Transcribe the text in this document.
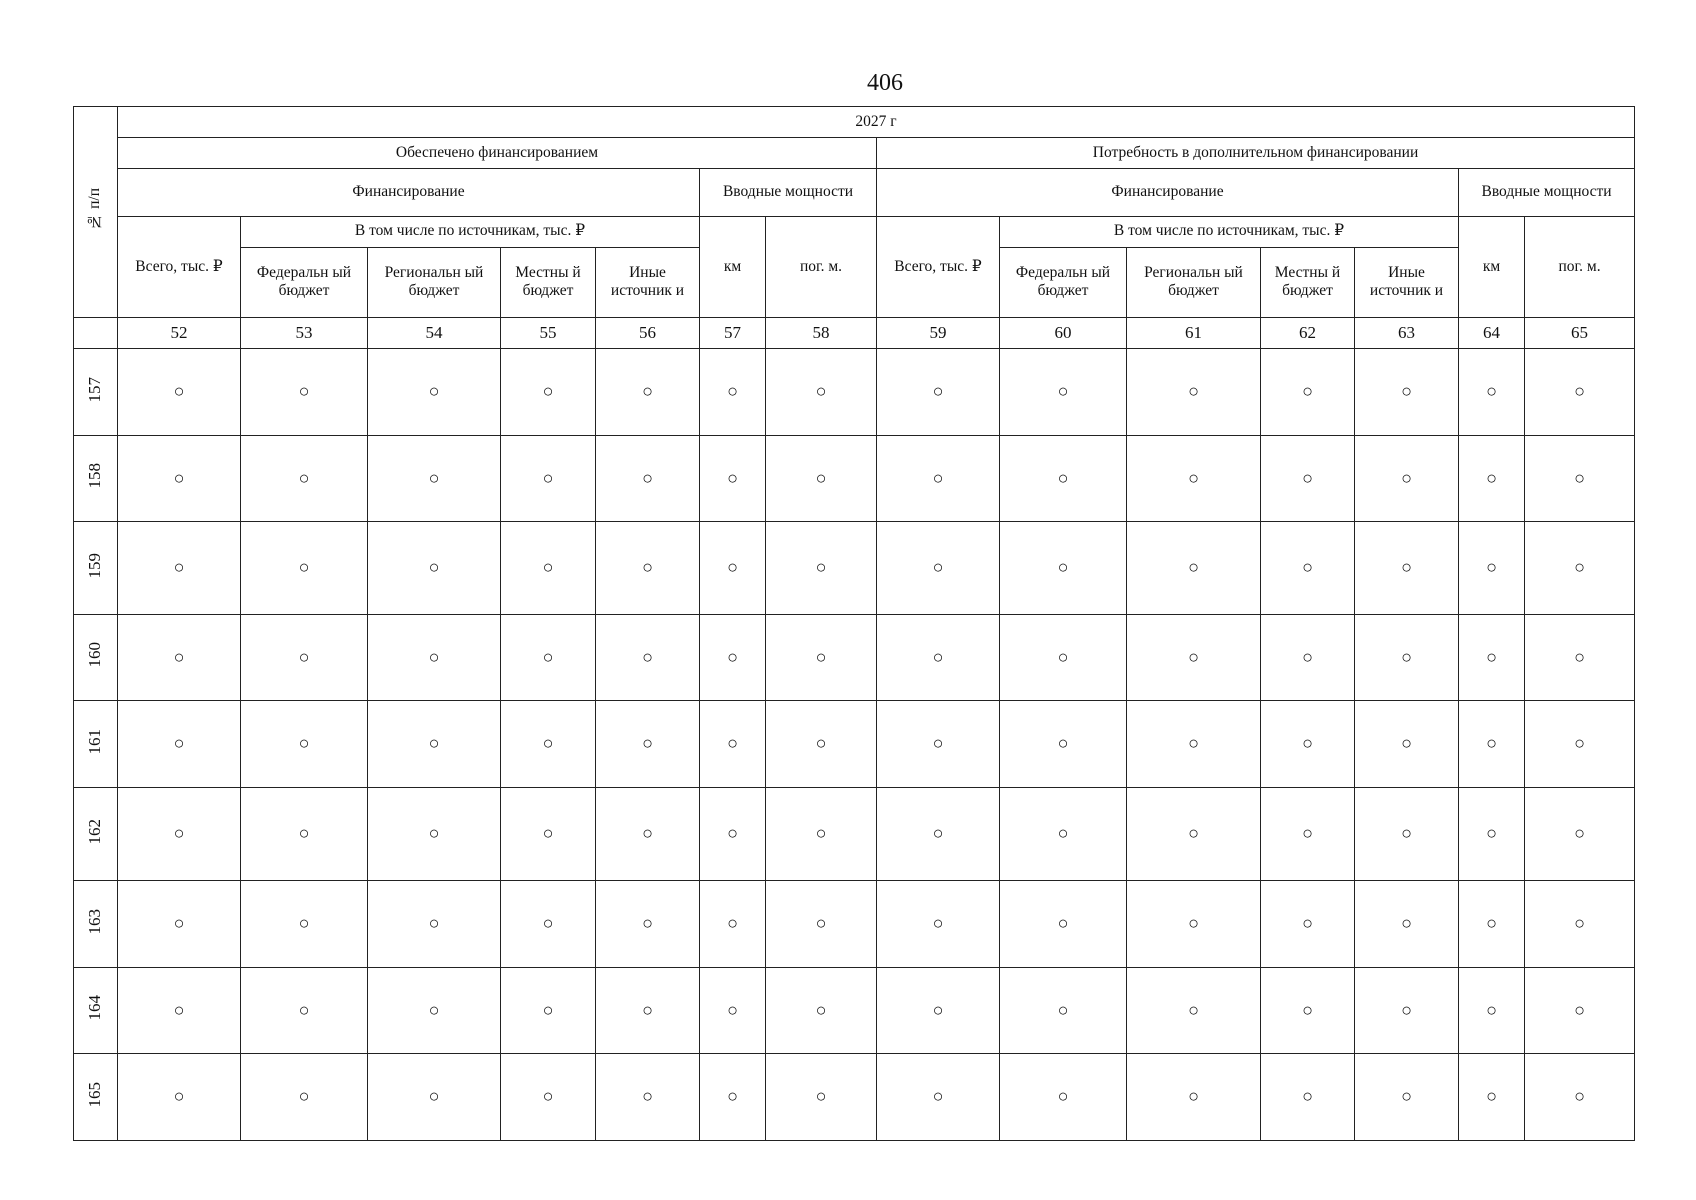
406
№ п/п	2027 г													
	Обеспечено финансированием							Потребность в дополнительном финансировании						
	Финансирование					Вводные мощности		Финансирование					Вводные мощности	
	Всего, тыс. ₽	В том числе по источникам, тыс. ₽				км	пог. м.	Всего, тыс. ₽	В том числе по источникам, тыс. ₽				км	пог. м.
		Федеральн ый бюджет	Региональн ый бюджет	Местны й бюджет	Иные источник и				Федеральн ый бюджет	Региональн ый бюджет	Местны й бюджет	Иные источник и		
	52	53	54	55	56	57	58	59	60	61	62	63	64	65
157	○	○	○	○	○	○	○	○	○	○	○	○	○	○
158	○	○	○	○	○	○	○	○	○	○	○	○	○	○
159	○	○	○	○	○	○	○	○	○	○	○	○	○	○
160	○	○	○	○	○	○	○	○	○	○	○	○	○	○
161	○	○	○	○	○	○	○	○	○	○	○	○	○	○
162	○	○	○	○	○	○	○	○	○	○	○	○	○	○
163	○	○	○	○	○	○	○	○	○	○	○	○	○	○
164	○	○	○	○	○	○	○	○	○	○	○	○	○	○
165	○	○	○	○	○	○	○	○	○	○	○	○	○	○
